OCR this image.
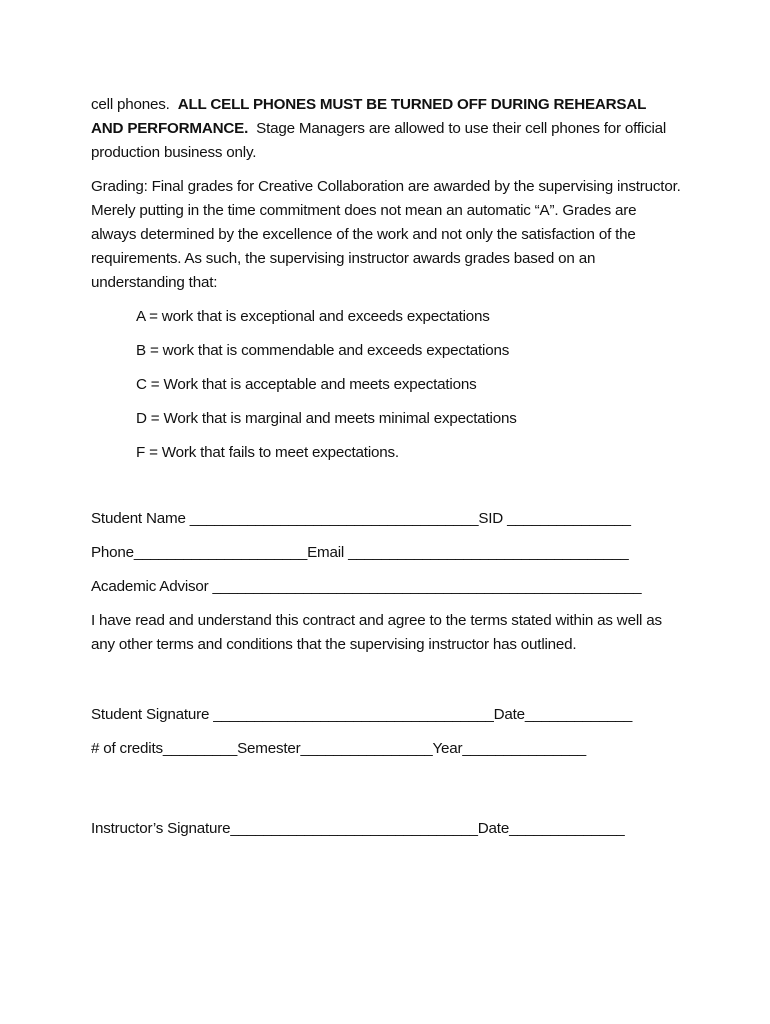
cell phones. ALL CELL PHONES MUST BE TURNED OFF DURING REHEARSAL AND PERFORMANCE. Stage Managers are allowed to use their cell phones for official production business only.

Grading: Final grades for Creative Collaboration are awarded by the supervising instructor. Merely putting in the time commitment does not mean an automatic “A”. Grades are always determined by the excellence of the work and not only the satisfaction of the requirements. As such, the supervising instructor awards grades based on an understanding that:

A = work that is exceptional and exceeds expectations
B = work that is commendable and exceeds expectations
C = Work that is acceptable and meets expectations
D = Work that is marginal and meets minimal expectations
F = Work that fails to meet expectations.

Student Name ___________________________________SID _______________

Phone_____________________Email __________________________________

Academic Advisor ____________________________________________________

I have read and understand this contract and agree to the terms stated within as well as any other terms and conditions that the supervising instructor has outlined.

Student Signature __________________________________Date_____________

# of credits_________Semester________________Year_______________

Instructor’s Signature______________________________Date______________
